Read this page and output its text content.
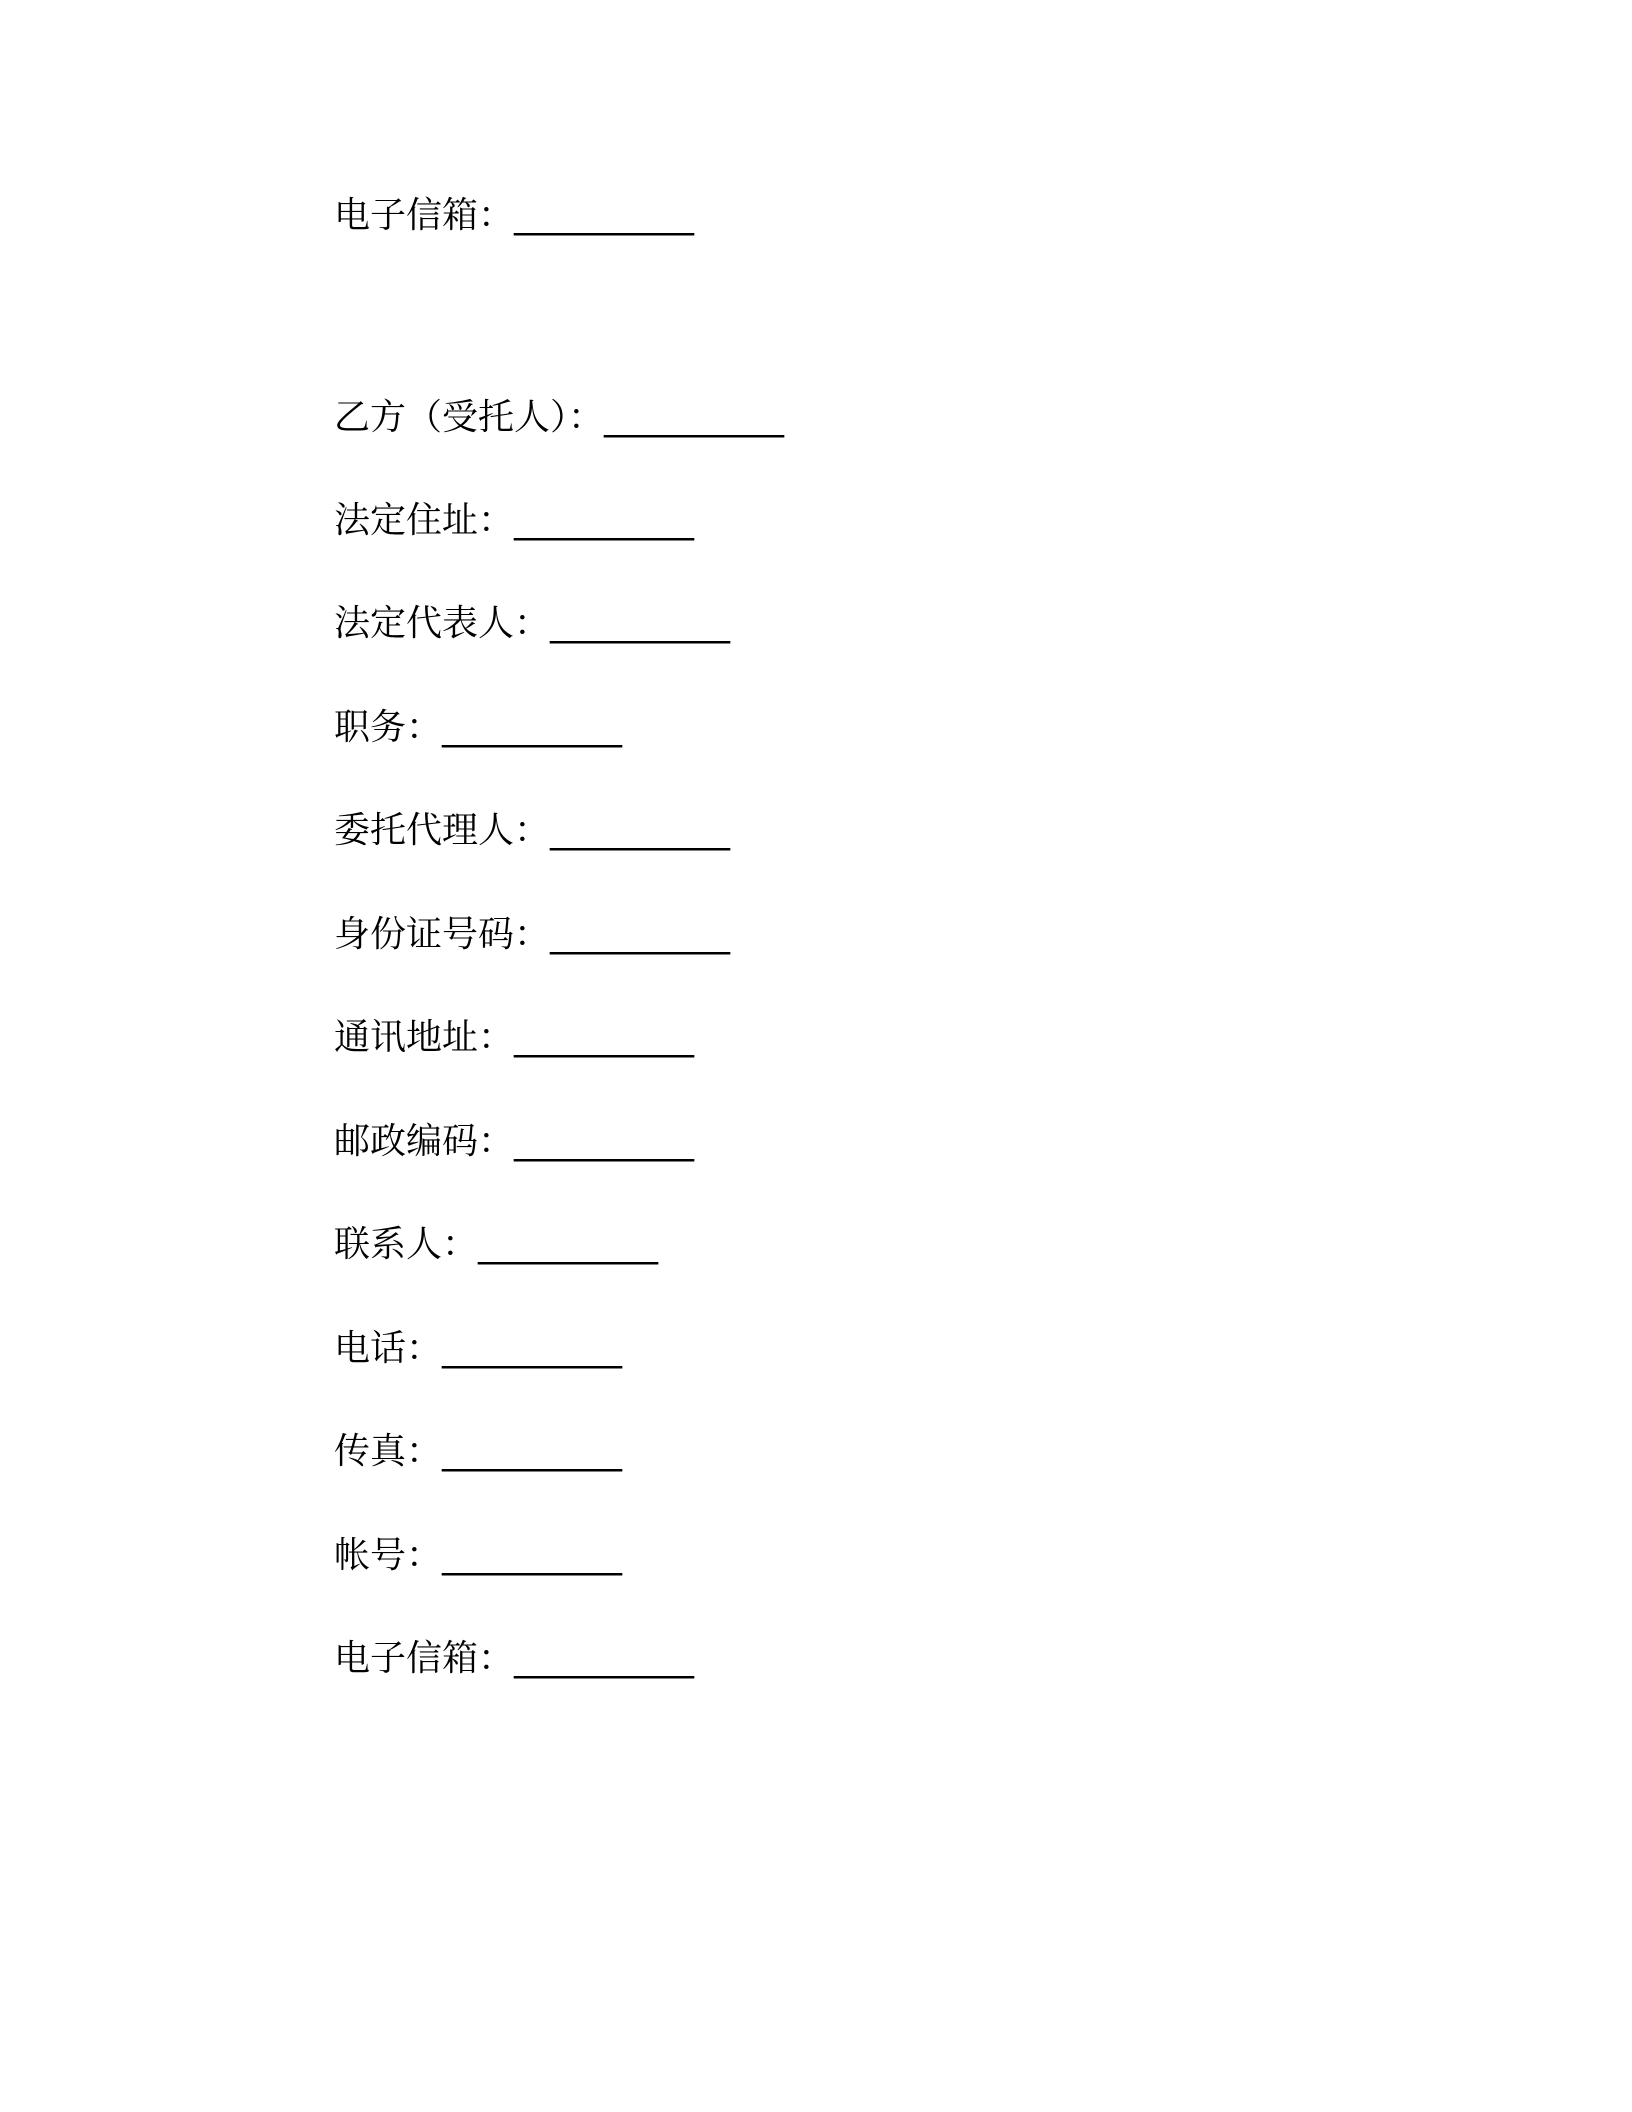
电子信箱：__________
乙方（受托人）：__________
法定住址：__________
法定代表人：__________
职务：__________
委托代理人：__________
身份证号码：__________
通讯地址：__________
邮政编码：__________
联系人：__________
电话：__________
传真：__________
帐号：__________
电子信箱：__________
